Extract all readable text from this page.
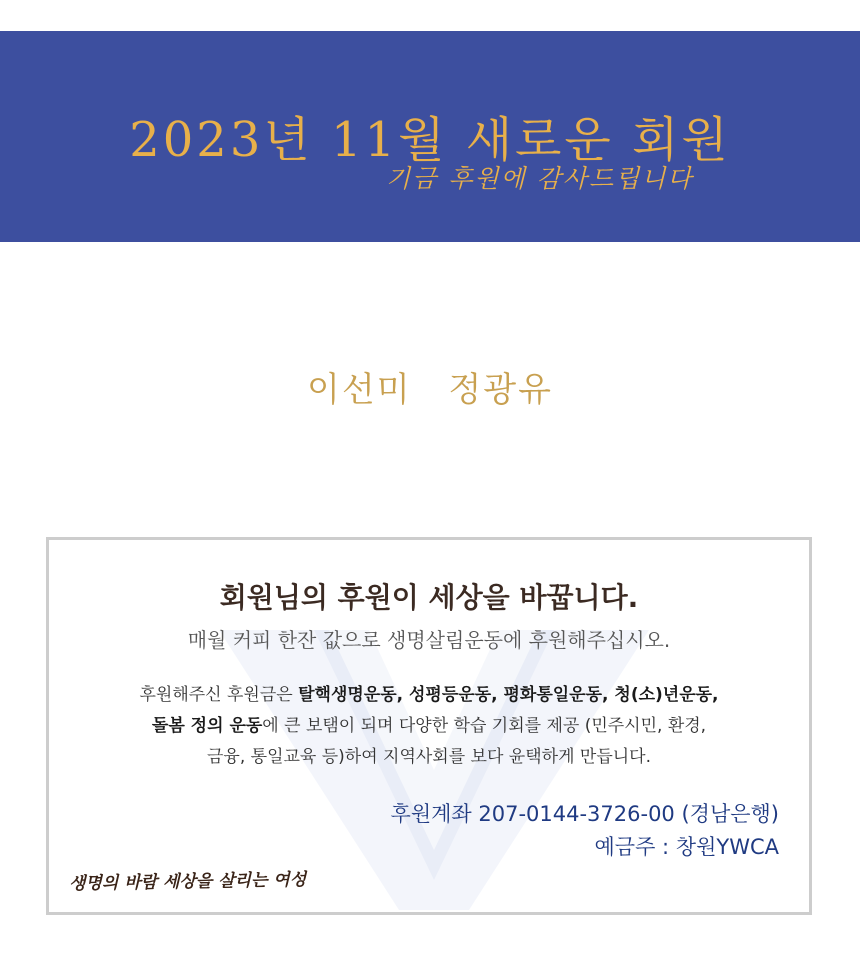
2023년 11월 새로운 회원
기금 후원에 감사드립니다
이선미 정광유
회원님의 후원이 세상을 바꿉니다.
매월 커피 한잔 값으로 생명살림운동에 후원해주십시오.
후원해주신 후원금은 탈핵생명운동, 성평등운동, 평화통일운동, 청(소)년운동,
돌봄 정의 운동에 큰 보탬이 되며 다양한 학습 기회를 제공 (민주시민, 환경,
금융, 통일교육 등)하여 지역사회를 보다 윤택하게 만듭니다.
후원계좌 207-0144-3726-00 (경남은행)
예금주 : 창원YWCA
생명의 바람 세상을 살리는 여성
